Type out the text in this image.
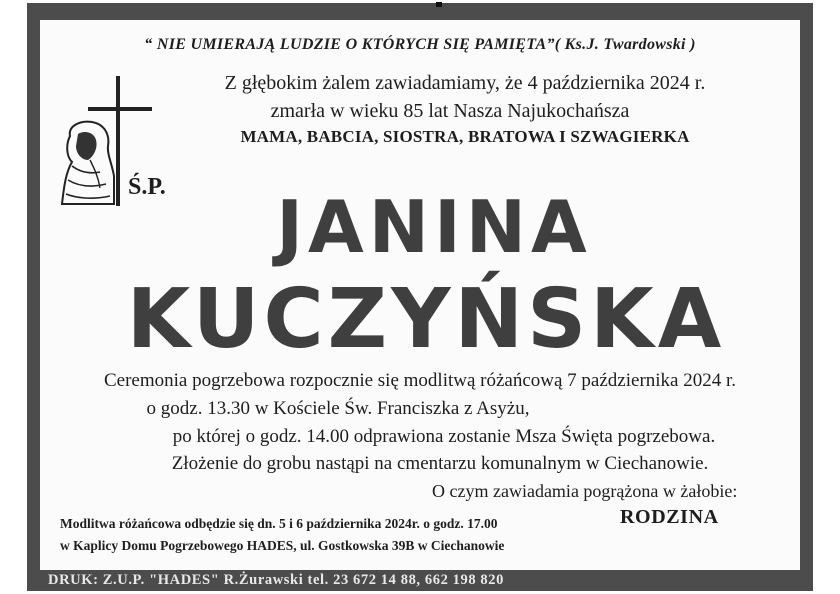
“ NIE UMIERAJĄ LUDZIE O KTÓRYCH SIĘ PAMIĘTA”( Ks.J. Twardowski )
Z głębokim żalem zawiadamiamy, że 4 października 2024 r.
zmarła w wieku 85 lat Nasza Najukochańsza
MAMA, BABCIA, SIOSTRA, BRATOWA I SZWAGIERKA
Ś.P.	JANINA
KUCZYŃSKA
Ceremonia pogrzebowa rozpocznie się modlitwą różańcową 7 października 2024 r.
o godz. 13.30 w Kościele Św. Franciszka z Asyżu,
po której o godz. 14.00 odprawiona zostanie Msza Święta pogrzebowa.
Złożenie do grobu nastąpi na cmentarzu komunalnym w Ciechanowie.
O czym zawiadamia pogrążona w żałobie:
RODZINA
Modlitwa różańcowa odbędzie się dn. 5 i 6 października 2024r. o godz. 17.00
w Kaplicy Domu Pogrzebowego HADES, ul. Gostkowska 39B w Ciechanowie
DRUK: Z.U.P. "HADES" R.Żurawski tel. 23 672 14 88, 662 198 820
